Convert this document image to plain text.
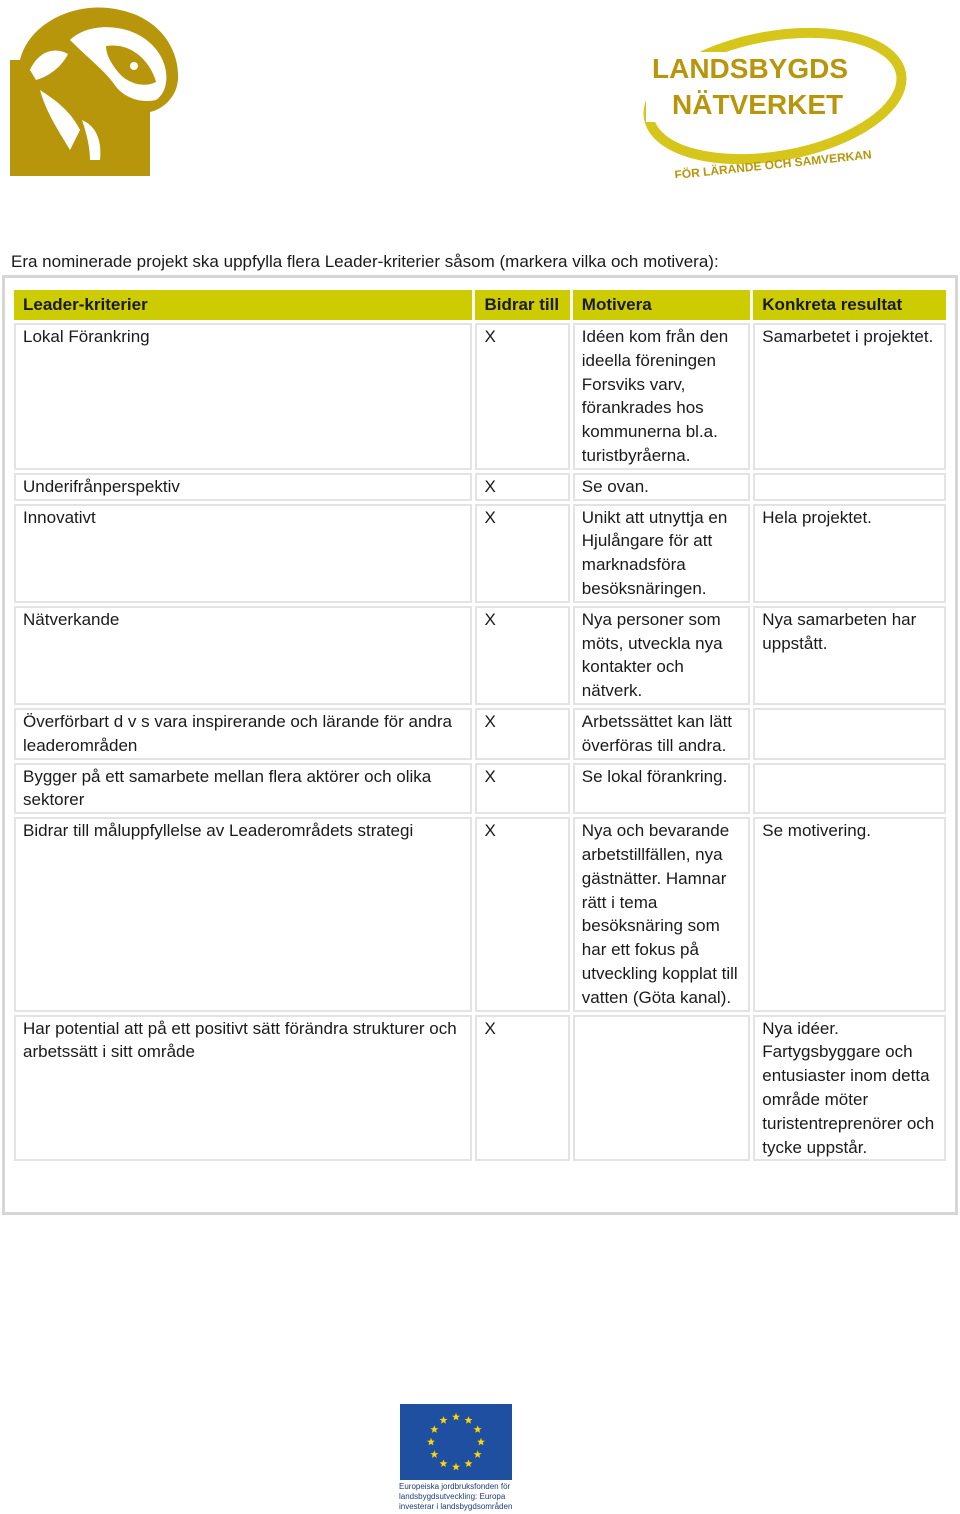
LANDSBYGDS
NÄTVERKET
FÖR LÄRANDE OCH SAMVERKAN
Era nominerade projekt ska uppfylla flera Leader-kriterier såsom (markera vilka och motivera):
Leader-kriterier	Bidrar till	Motivera	Konkreta resultat
Lokal Förankring	X	Idéen kom från den ideella föreningen Forsviks varv, förankrades hos kommunerna bl.a. turistbyråerna.	Samarbetet i projektet.
Underifrånperspektiv	X	Se ovan.	
Innovativt	X	Unikt att utnyttja en Hjulångare för att marknadsföra besöksnäringen.	Hela projektet.
Nätverkande	X	Nya personer som möts, utveckla nya kontakter och nätverk.	Nya samarbeten har uppstått.
Överförbart d v s vara inspirerande och lärande för andra leaderområden	X	Arbetssättet kan lätt överföras till andra.	
Bygger på ett samarbete mellan flera aktörer och olika sektorer	X	Se lokal förankring.	
Bidrar till måluppfyllelse av Leaderområdets strategi	X	Nya och bevarande arbetstillfällen, nya gästnätter. Hamnar rätt i tema besöksnäring som har ett fokus på utveckling kopplat till vatten (Göta kanal).	Se motivering.
Har potential att på ett positivt sätt förändra strukturer och arbetssätt i sitt område	X		Nya idéer. Fartygsbyggare och entusiaster inom detta område möter turistentreprenörer och tycke uppstår.
Europeiska jordbruksfonden för
landsbygdsutveckling: Europa
investerar i landsbygdsområden
